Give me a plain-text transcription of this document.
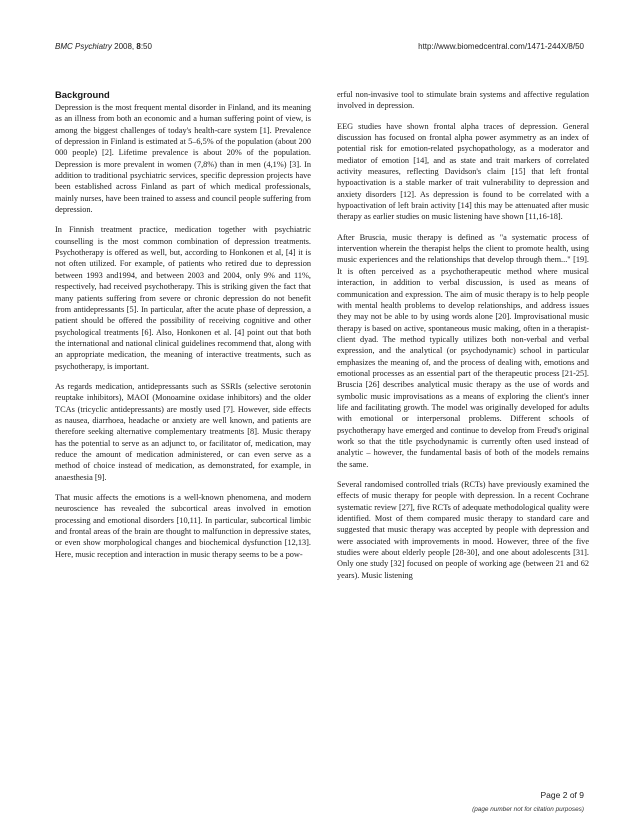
BMC Psychiatry 2008, 8:50	http://www.biomedcentral.com/1471-244X/8/50
Background

Depression is the most frequent mental disorder in Finland, and its meaning as an illness from both an economic and a human suffering point of view, is among the biggest challenges of today's health-care system [1]. Prevalence of depression in Finland is estimated at 5–6,5% of the population (about 200 000 people) [2]. Lifetime prevalence is about 20% of the population. Depression is more prevalent in women (7,8%) than in men (4,1%) [3]. In addition to traditional psychiatric services, specific depression projects have been established across Finland as part of which medical professionals, mainly nurses, have been trained to assess and council people suffering from depression.

In Finnish treatment practice, medication together with psychiatric counselling is the most common combination of depression treatments. Psychotherapy is offered as well, but, according to Honkonen et al, [4] it is not often utilized. For example, of patients who retired due to depression between 1993 and1994, and between 2003 and 2004, only 9% and 11%, respectively, had received psychotherapy. This is striking given the fact that many patients suffering from severe or chronic depression do not benefit from antidepressants [5]. In particular, after the acute phase of depression, a patient should be offered the possibility of receiving cognitive and other psychological treatments [6]. Also, Honkonen et al. [4] point out that both the international and national clinical guidelines recommend that, along with an appropriate medication, the meaning of interactive treatments, such as psychotherapy, is important.

As regards medication, antidepressants such as SSRIs (selective serotonin reuptake inhibitors), MAOI (Monoamine oxidase inhibitors) and the older TCAs (tricyclic antidepressants) are mostly used [7]. However, side effects as nausea, diarrhoea, headache or anxiety are well known, and patients are therefore seeking alternative complementary treatments [8]. Music therapy has the potential to serve as an adjunct to, or facilitator of, medication, may reduce the amount of medication administered, or can even serve as a method of choice instead of medication, as demonstrated, for example, in anaesthesia [9].

That music affects the emotions is a well-known phenomena, and modern neuroscience has revealed the subcortical areas involved in emotion processing and emotional disorders [10,11]. In particular, subcortical limbic and frontal areas of the brain are thought to malfunction in depressive states, or even show morphological changes and biochemical dysfunction [12,13]. Here, music reception and interaction in music therapy seems to be a pow-

erful non-invasive tool to stimulate brain systems and affective regulation involved in depression.

EEG studies have shown frontal alpha traces of depression. General discussion has focused on frontal alpha power asymmetry as an index of potential risk for emotion-related psychopathology, as a moderator and mediator of emotion [14], and as state and trait markers of correlated activity measures, reflecting Davidson's claim [15] that left frontal hypoactivation is a stable marker of trait vulnerability to depression and anxiety disorders [12]. As depression is found to be correlated with a hypoactivation of left brain activity [14] this may be attenuated after music therapy as earlier studies on music listening have shown [11,16-18].

After Bruscia, music therapy is defined as "a systematic process of intervention wherein the therapist helps the client to promote health, using music experiences and the relationships that develop through them..." [19]. It is often perceived as a psychotherapeutic method where musical interaction, in addition to verbal discussion, is used as means of communication and expression. The aim of music therapy is to help people with mental health problems to develop relationships, and address issues they may not be able to by using words alone [20]. Improvisational music therapy is based on active, spontaneous music making, often in a therapist-client dyad. The method typically utilizes both non-verbal and verbal expression, and the analytical (or psychodynamic) school in particular emphasizes the meaning of, and the process of dealing with, emotions and emotional processes as an essential part of the therapeutic process [21-25]. Bruscia [26] describes analytical music therapy as the use of words and symbolic music improvisations as a means of exploring the client's inner life and facilitating growth. The model was originally developed for adults with emotional or interpersonal problems. Different schools of psychotherapy have emerged and continue to develop from Freud's original work so that the title psychodynamic is currently often used instead of analytic – however, the fundamental basis of both of the models remains the same.

Several randomised controlled trials (RCTs) have previously examined the effects of music therapy for people with depression. In a recent Cochrane systematic review [27], five RCTs of adequate methodological quality were identified. Most of them compared music therapy to standard care and suggested that music therapy was accepted by people with depression and were associated with improvements in mood. However, three of the five studies were about elderly people [28-30], and one about adolescents [31]. Only one study [32] focused on people of working age (between 21 and 62 years). Music listening

Page 2 of 9
(page number not for citation purposes)
